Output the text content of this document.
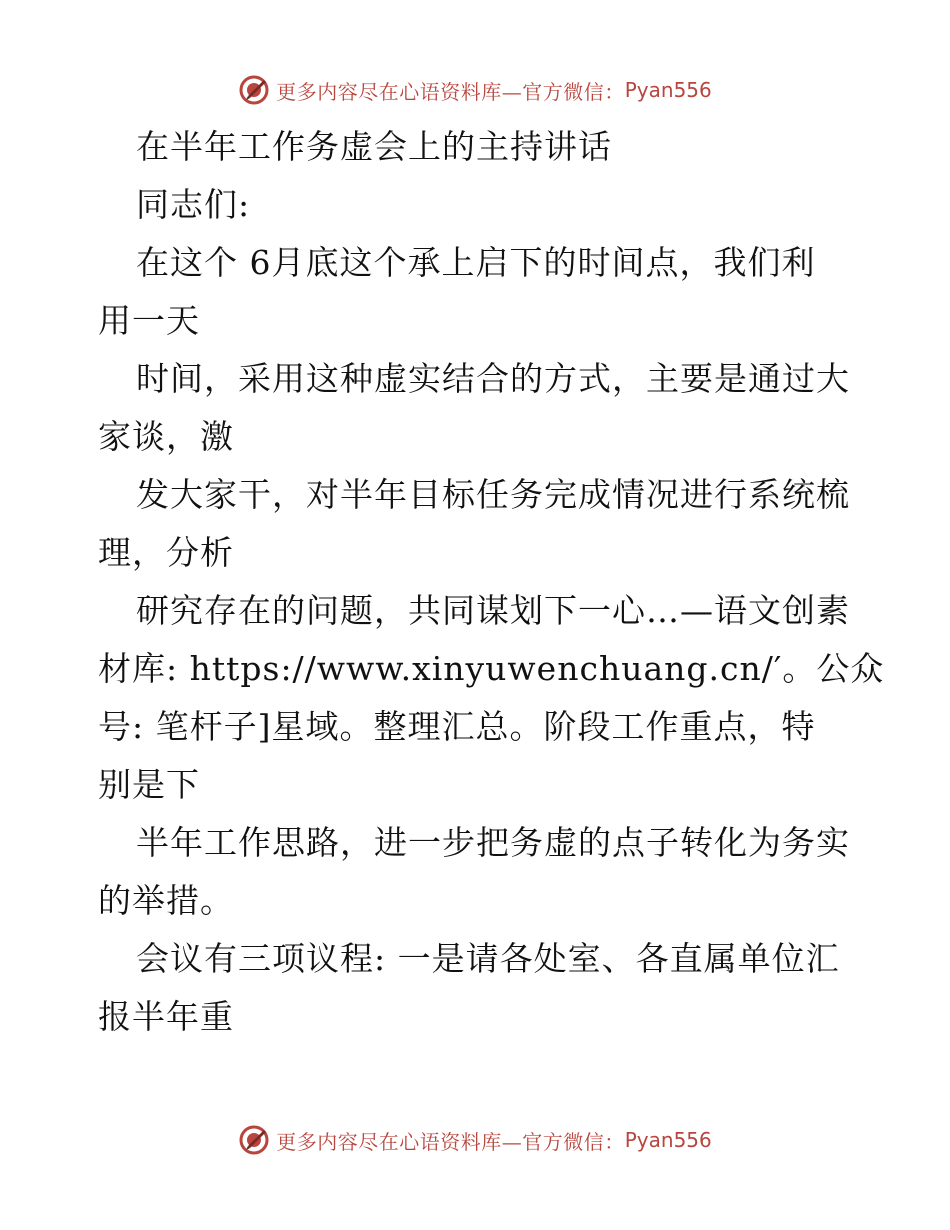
更多内容尽在心语资料库—官方微信： Pyan556
在半年工作务虚会上的主持讲话
同志们:
在这个 6月底这个承上启下的时间点，我们利
用一天
时间，采用这种虚实结合的方式，主要是通过大
家谈，激
发大家干，对半年目标任务完成情况进行系统梳
理，分析
研究存在的问题，共同谋划下一心…—语文创素
材库: https://www.xinyuwenchuang.cn/′。公众
号: 笔杆子]星域。整理汇总。阶段工作重点，特
别是下
半年工作思路，进一步把务虚的点子转化为务实
的举措。
会议有三项议程: 一是请各处室、各直属单位汇
报半年重
更多内容尽在心语资料库—官方微信： Pyan556
